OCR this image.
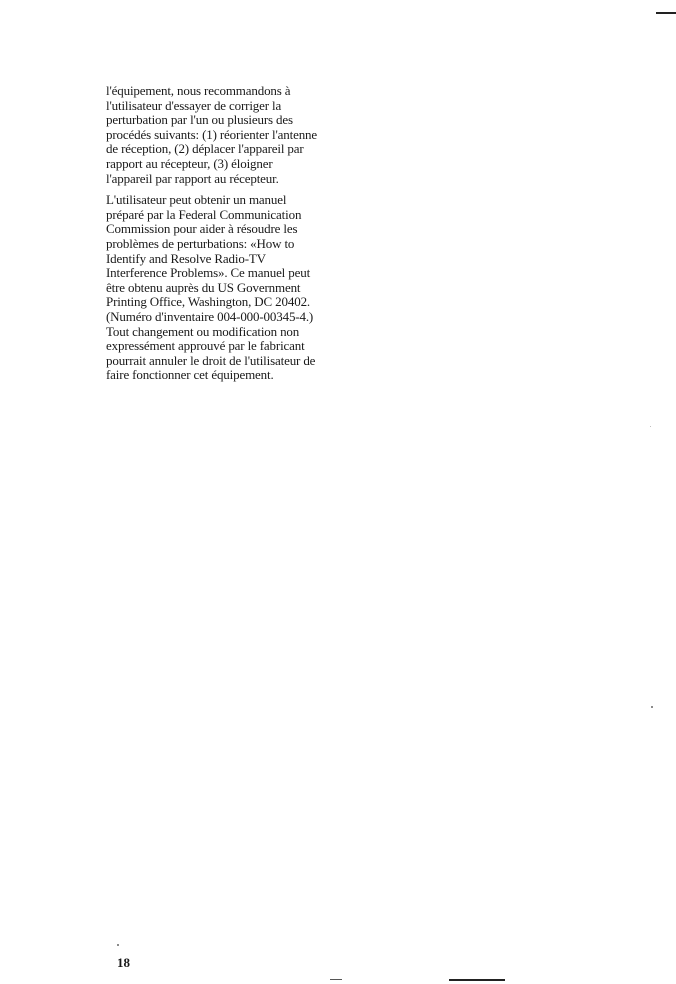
l'équipement, nous recommandons à
l'utilisateur d'essayer de corriger la
perturbation par l'un ou plusieurs des
procédés suivants: (1) réorienter l'antenne
de réception, (2) déplacer l'appareil par
rapport au récepteur, (3) éloigner
l'appareil par rapport au récepteur.

L'utilisateur peut obtenir un manuel
préparé par la Federal Communication
Commission pour aider à résoudre les
problèmes de perturbations: «How to
Identify and Resolve Radio-TV
Interference Problems». Ce manuel peut
être obtenu auprès du US Government
Printing Office, Washington, DC 20402.
(Numéro d'inventaire 004-000-00345-4.)
Tout changement ou modification non
expressément approuvé par le fabricant
pourrait annuler le droit de l'utilisateur de
faire fonctionner cet équipement.

18
